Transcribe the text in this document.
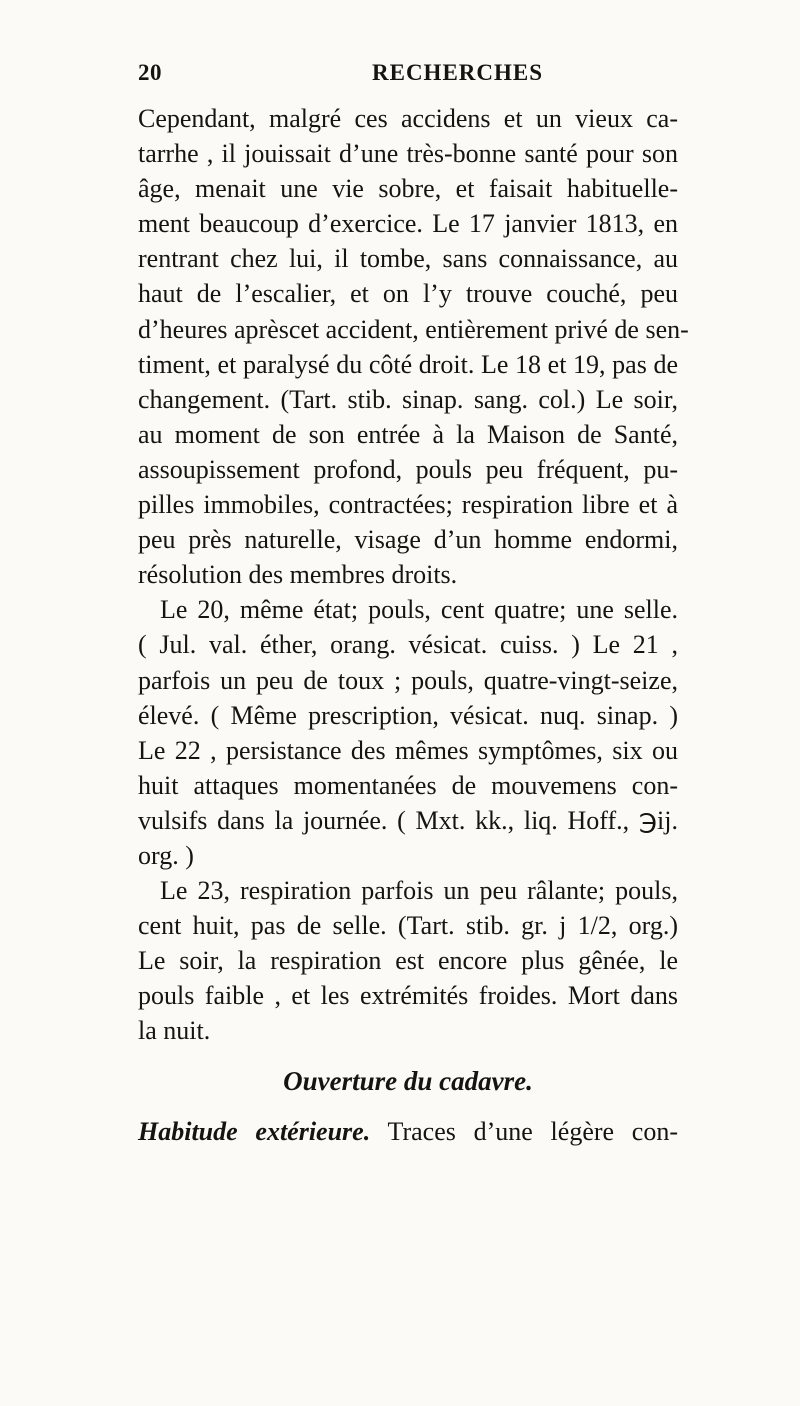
20	RECHERCHES
Cependant, malgré ces accidens et un vieux ca-
tarrhe , il jouissait d’une très-bonne santé pour son
âge, menait une vie sobre, et faisait habituelle-
ment beaucoup d’exercice. Le 17 janvier 1813, en
rentrant chez lui, il tombe, sans connaissance, au
haut de l’escalier, et on l’y trouve couché, peu
d’heures aprèscet accident, entièrement privé de sen-
timent, et paralysé du côté droit. Le 18 et 19, pas de
changement. (Tart. stib. sinap. sang. col.) Le soir,
au moment de son entrée à la Maison de Santé,
assoupissement profond, pouls peu fréquent, pu-
pilles immobiles, contractées; respiration libre et à
peu près naturelle, visage d’un homme endormi,
résolution des membres droits.
Le 20, même état; pouls, cent quatre; une selle.
( Jul. val. éther, orang. vésicat. cuiss. ) Le 21 ,
parfois un peu de toux ; pouls, quatre-vingt-seize,
élevé. ( Même prescription, vésicat. nuq. sinap. )
Le 22 , persistance des mêmes symptômes, six ou
huit attaques momentanées de mouvemens con-
vulsifs dans la journée. ( Mxt. kk., liq. Hoff., ℈ij.
org. )
Le 23, respiration parfois un peu râlante; pouls,
cent huit, pas de selle. (Tart. stib. gr. j 1/2, org.)
Le soir, la respiration est encore plus gênée, le
pouls faible , et les extrémités froides. Mort dans
la nuit.
Ouverture du cadavre.
Habitude extérieure. Traces d’une légère con-
